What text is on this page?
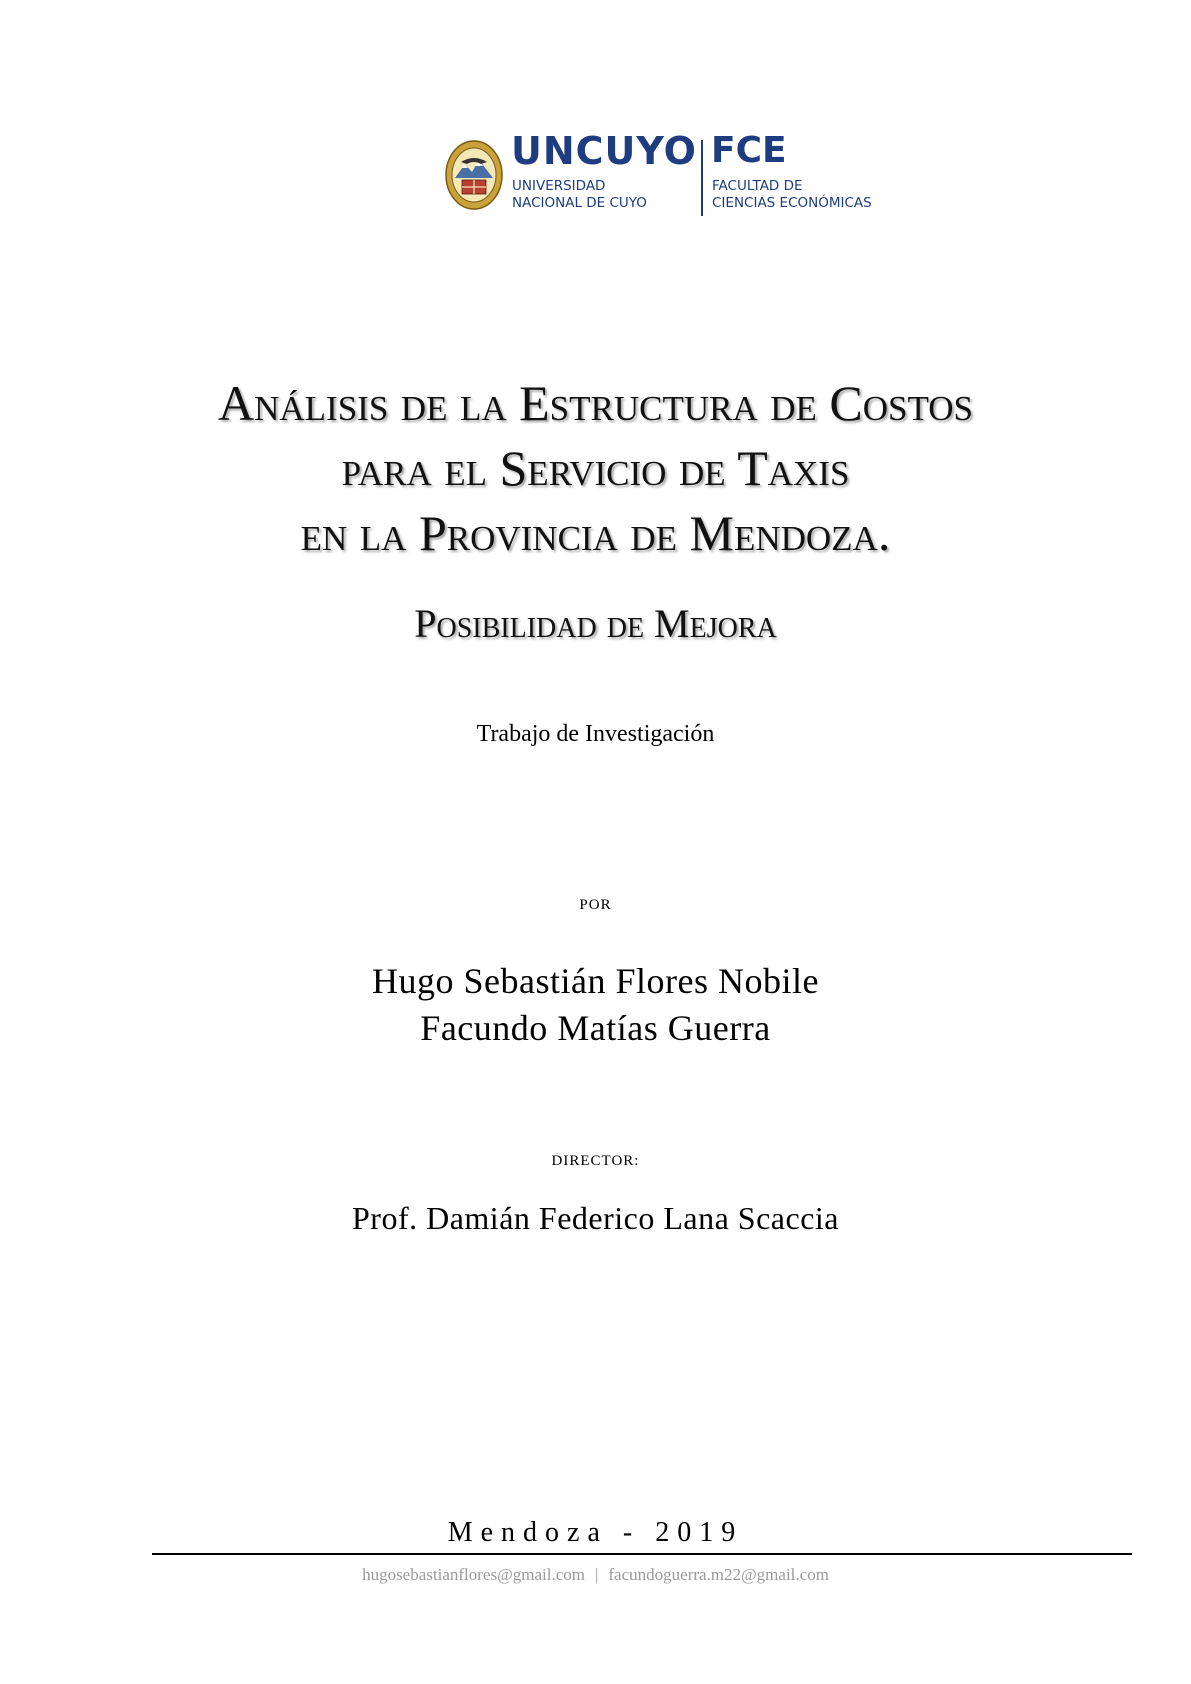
UNCUYO
UNIVERSIDAD
NACIONAL DE CUYO
FCE
FACULTAD DE
CIENCIAS ECONÓMICAS
Análisis de la Estructura de Costos
para el Servicio de Taxis
en la Provincia de Mendoza.
Posibilidad de Mejora
Trabajo de Investigación
POR
Hugo Sebastián Flores Nobile
Facundo Matías Guerra
DIRECTOR:
Prof. Damián Federico Lana Scaccia
Mendoza - 2019
hugosebastianflores@gmail.com | facundoguerra.m22@gmail.com
